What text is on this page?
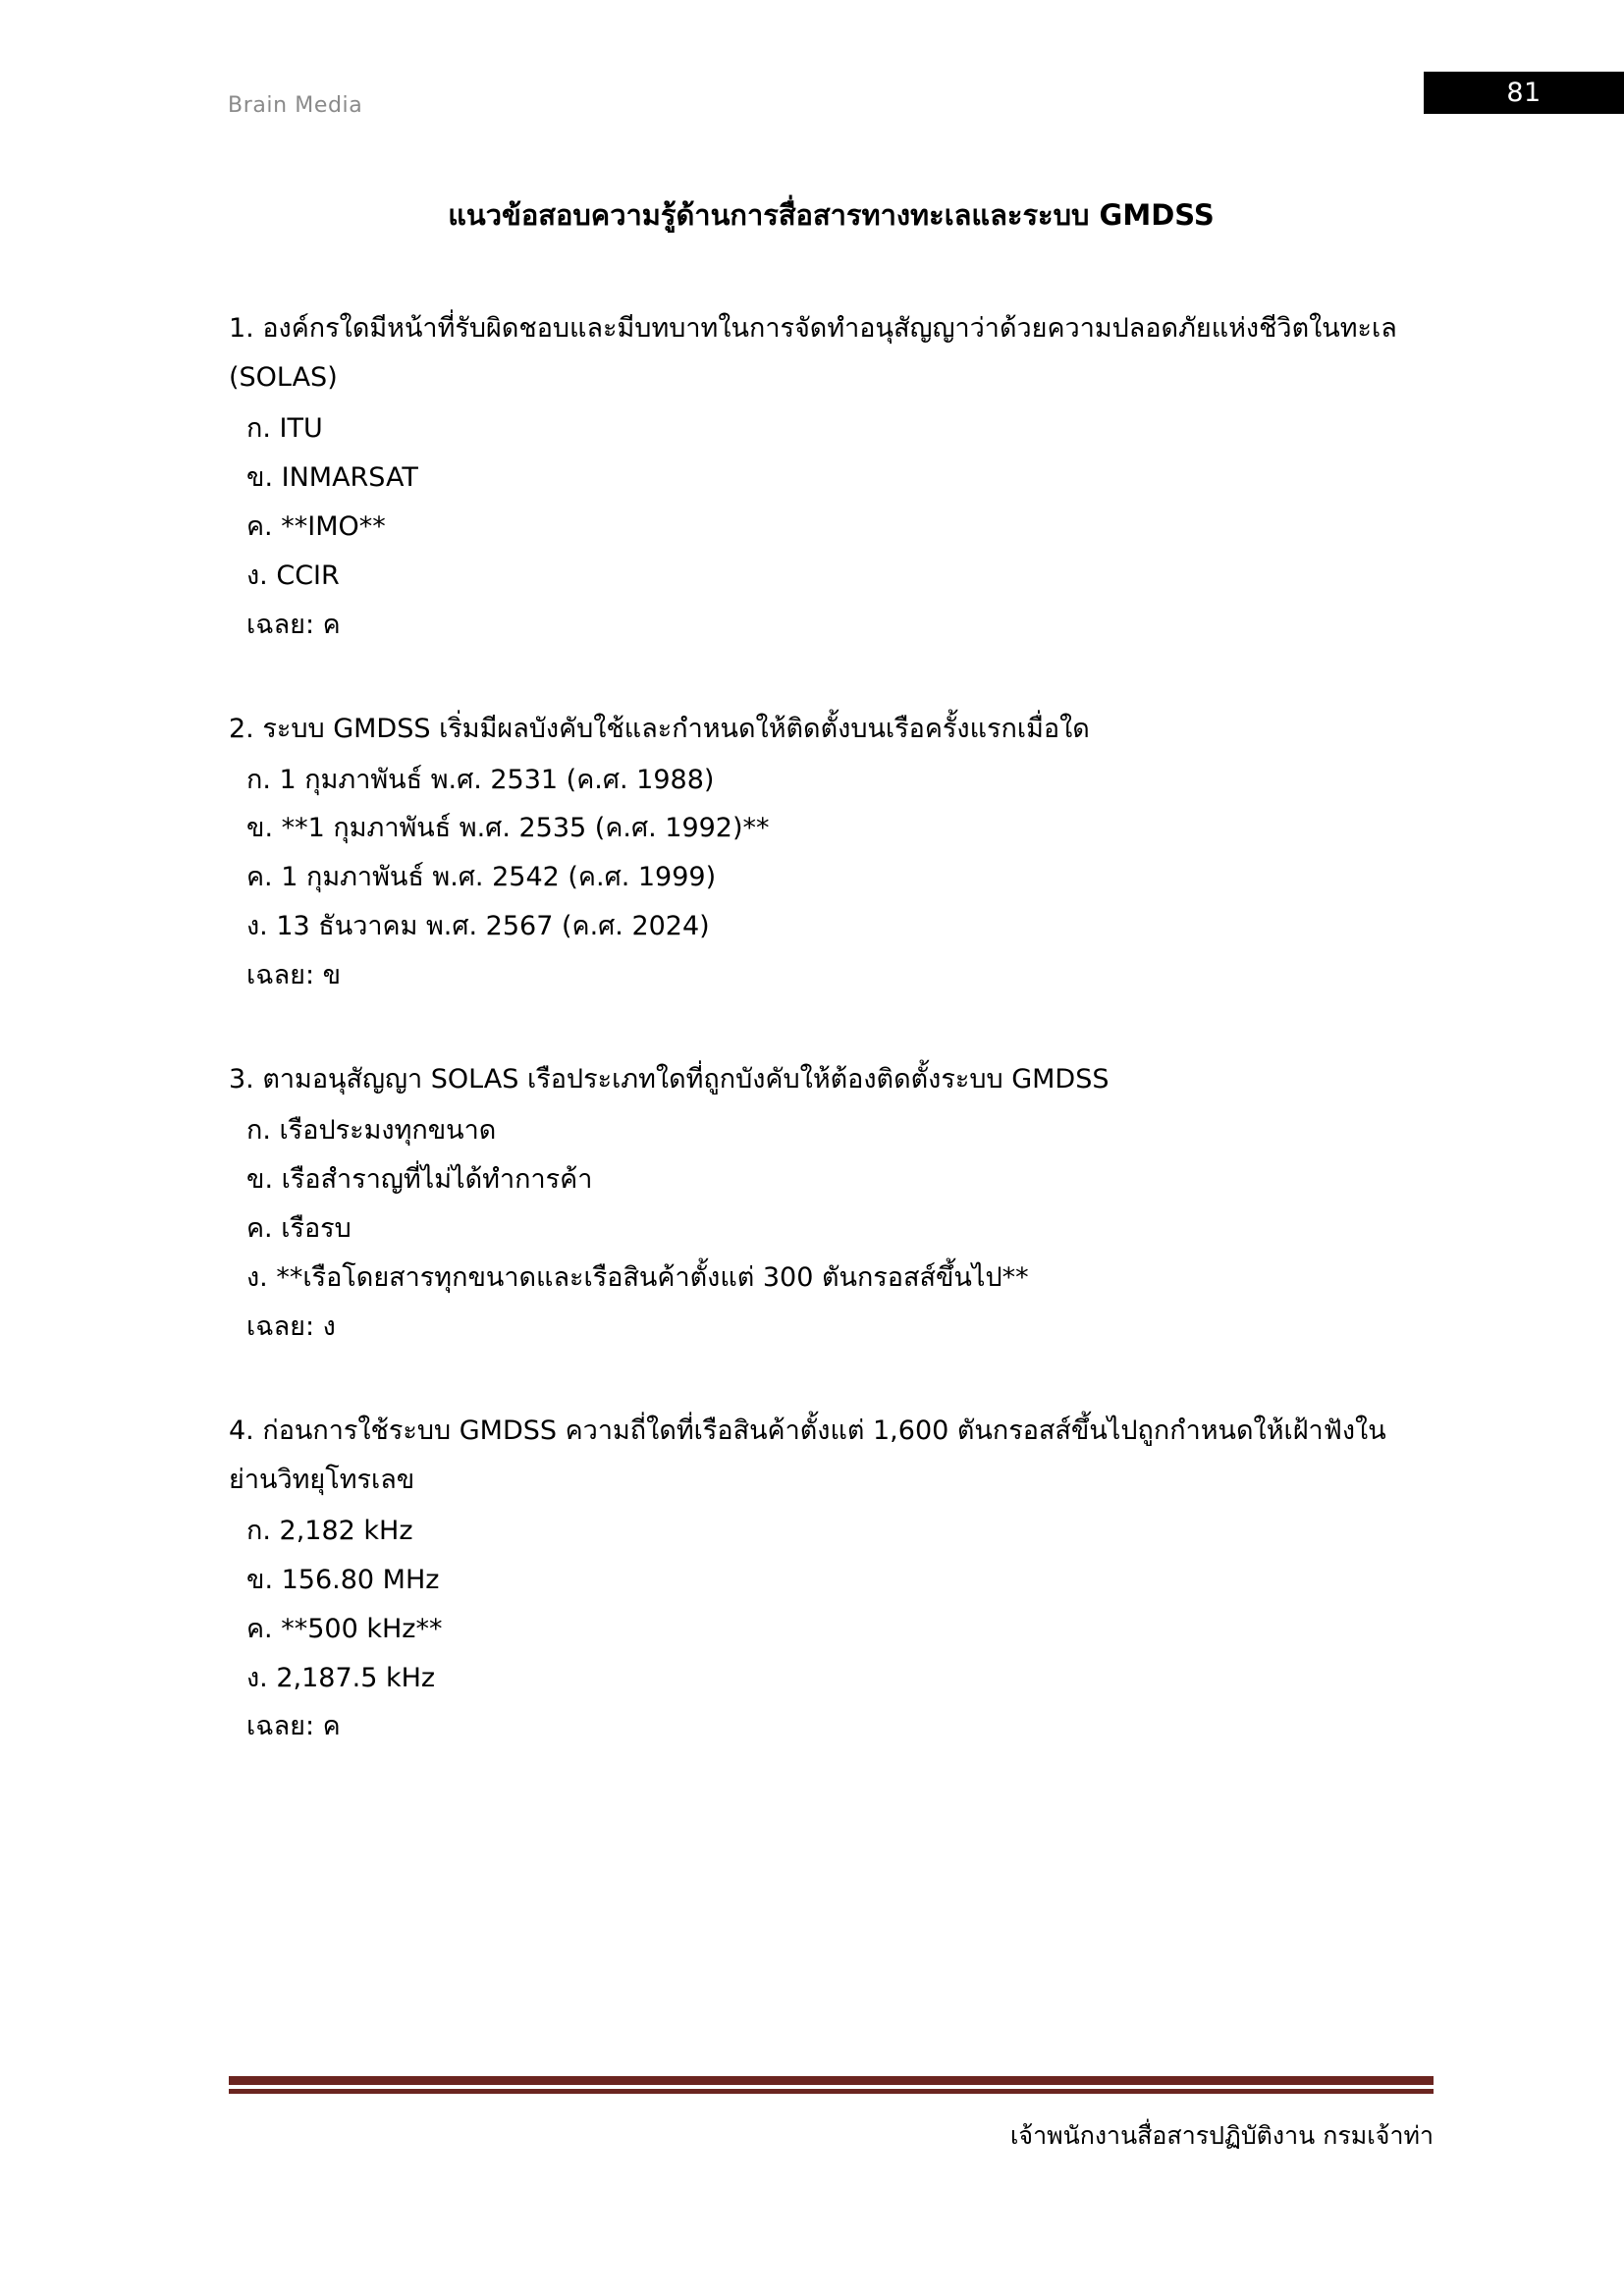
81
Brain Media
แนวข้อสอบความรู้ด้านการสื่อสารทางทะเลและระบบ GMDSS

1. องค์กรใดมีหน้าที่รับผิดชอบและมีบทบาทในการจัดทำอนุสัญญาว่าด้วยความปลอดภัยแห่งชีวิตในทะเล (SOLAS)

ก. ITU

ข. INMARSAT

ค. **IMO**

ง. CCIR

เฉลย: ค

2. ระบบ GMDSS เริ่มมีผลบังคับใช้และกำหนดให้ติดตั้งบนเรือครั้งแรกเมื่อใด

ก. 1 กุมภาพันธ์ พ.ศ. 2531 (ค.ศ. 1988)

ข. **1 กุมภาพันธ์ พ.ศ. 2535 (ค.ศ. 1992)**

ค. 1 กุมภาพันธ์ พ.ศ. 2542 (ค.ศ. 1999)

ง. 13 ธันวาคม พ.ศ. 2567 (ค.ศ. 2024)

เฉลย: ข

3. ตามอนุสัญญา SOLAS เรือประเภทใดที่ถูกบังคับให้ต้องติดตั้งระบบ GMDSS

ก. เรือประมงทุกขนาด

ข. เรือสำราญที่ไม่ได้ทำการค้า

ค. เรือรบ

ง. **เรือโดยสารทุกขนาดและเรือสินค้าตั้งแต่ 300 ตันกรอสส์ขึ้นไป**

เฉลย: ง

4. ก่อนการใช้ระบบ GMDSS ความถี่ใดที่เรือสินค้าตั้งแต่ 1,600 ตันกรอสส์ขึ้นไปถูกกำหนดให้เฝ้าฟังในย่านวิทยุโทรเลข

ก. 2,182 kHz

ข. 156.80 MHz

ค. **500 kHz**

ง. 2,187.5 kHz

เฉลย: ค

เจ้าพนักงานสื่อสารปฏิบัติงาน กรมเจ้าท่า
